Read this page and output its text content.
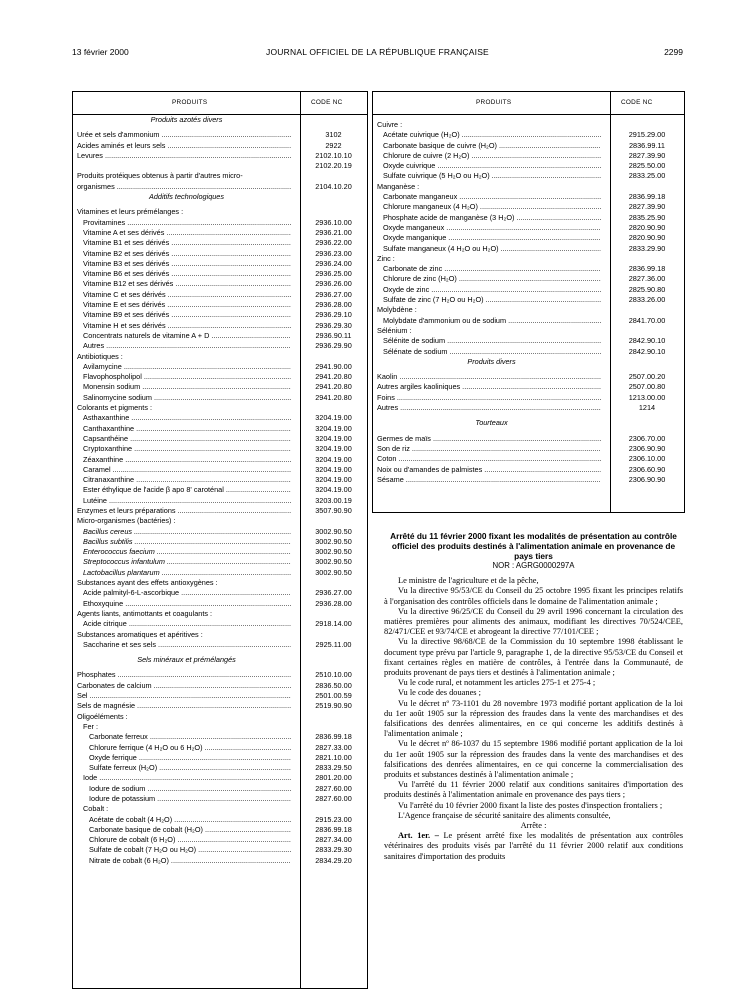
13 février 2000	JOURNAL OFFICIEL DE LA RÉPUBLIQUE FRANÇAISE	2299
PRODUITS	CODE NC
Produits azotés divers
Urée et sels d'ammonium .....	3102
Acides aminés et leurs sels .....	2922
Levures .....	2102.10.10
2102.20.19
Produits protéiques obtenus à partir d'autres micro-
organismes .....	2104.10.20
Additifs technologiques
Vitamines et leurs prémélanges :
Provitamines .....	2936.10.00
Vitamine A et ses dérivés .....	2936.21.00
Vitamine B1 et ses dérivés .....	2936.22.00
Vitamine B2 et ses dérivés .....	2936.23.00
Vitamine B3 et ses dérivés .....	2936.24.00
Vitamine B6 et ses dérivés .....	2936.25.00
Vitamine B12 et ses dérivés .....	2936.26.00
Vitamine C et ses dérivés .....	2936.27.00
Vitamine E et ses dérivés .....	2936.28.00
Vitamine B9 et ses dérivés .....	2936.29.10
Vitamine H et ses dérivés .....	2936.29.30
Concentrats naturels de vitamine A + D .....	2936.90.11
Autres .....	2936.29.90
Antibiotiques :
Avilamycine .....	2941.90.00
Flavophospholipol .....	2941.20.80
Monensin sodium .....	2941.20.80
Salinomycine sodium .....	2941.20.80
Colorants et pigments :
Asthaxanthine .....	3204.19.00
Canthaxanthine .....	3204.19.00
Capsanthéine .....	3204.19.00
Cryptoxanthine .....	3204.19.00
Zéaxanthine .....	3204.19.00
Caramel .....	3204.19.00
Citranaxanthine .....	3204.19.00
Ester éthylique de l'acide β apo 8' caroténal .....	3204.19.00
Lutéine .....	3203.00.19
Enzymes et leurs préparations .....	3507.90.90
Micro-organismes (bactéries) :
Bacillus cereus .....	3002.90.50
Bacillus subtilis .....	3002.90.50
Enterococcus faecium .....	3002.90.50
Streptococcus infantulum .....	3002.90.50
Lactobacillus plantarum .....	3002.90.50
Substances ayant des effets antioxygènes :
Acide palmityl-6-L-ascorbique .....	2936.27.00
Ethoxyquine .....	2936.28.00
Agents liants, antimottants et coagulants :
Acide citrique .....	2918.14.00
Substances aromatiques et apéritives :
Saccharine et ses sels .....	2925.11.00
Sels minéraux et prémélangés
Phosphates .....	2510.10.00
Carbonates de calcium .....	2836.50.00
Sel .....	2501.00.59
Sels de magnésie .....	2519.90.90
Oligoéléments :
Fer :
Carbonate ferreux .....	2836.99.18
Chlorure ferrique (4 H₂O ou 6 H₂O) .....	2827.33.00
Oxyde ferrique .....	2821.10.00
Sulfate ferreux (H₂O) .....	2833.29.50
Iode .....	2801.20.00
Iodure de sodium .....	2827.60.00
Iodure de potassium .....	2827.60.00
Cobalt :
Acétate de cobalt (4 H₂O) .....	2915.23.00
Carbonate basique de cobalt (H₂O) .....	2836.99.18
Chlorure de cobalt (6 H₂O) .....	2827.34.00
Sulfate de cobalt (7 H₂O ou H₂O) .....	2833.29.30
Nitrate de cobalt (6 H₂O) .....	2834.29.20
PRODUITS	CODE NC
Cuivre :
Acétate cuivrique (H₂O) .....	2915.29.00
Carbonate basique de cuivre (H₂O) .....	2836.99.11
Chlorure de cuivre (2 H₂O) .....	2827.39.90
Oxyde cuivrique .....	2825.50.00
Sulfate cuivrique (5 H₂O ou H₂O) .....	2833.25.00
Manganèse :
Carbonate manganeux .....	2836.99.18
Chlorure manganeux (4 H₂O) .....	2827.39.90
Phosphate acide de manganèse (3 H₂O) .....	2835.25.90
Oxyde manganeux .....	2820.90.90
Oxyde manganique .....	2820.90.90
Sulfate manganeux (4 H₂O ou H₂O) .....	2833.29.90
Zinc :
Carbonate de zinc .....	2836.99.18
Chlorure de zinc (H₂O) .....	2827.36.00
Oxyde de zinc .....	2825.90.80
Sulfate de zinc (7 H₂O ou H₂O) .....	2833.26.00
Molybdène :
Molybdate d'ammonium ou de sodium .....	2841.70.00
Sélénium :
Sélénite de sodium .....	2842.90.10
Sélénate de sodium .....	2842.90.10
Produits divers
Kaolin .....	2507.00.20
Autres argiles kaoliniques .....	2507.00.80
Foins .....	1213.00.00
Autres .....	1214
Tourteaux
Germes de maïs .....	2306.70.00
Son de riz .....	2306.90.90
Coton .....	2306.10.00
Noix ou d'amandes de palmistes .....	2306.60.90
Sésame .....	2306.90.90
Arrêté du 11 février 2000 fixant les modalités de présentation au contrôle officiel des produits destinés à l'alimentation animale en provenance de pays tiers
NOR : AGRG0000297A

Le ministre de l'agriculture et de la pêche,

Vu la directive 95/53/CE du Conseil du 25 octobre 1995 fixant les principes relatifs à l'organisation des contrôles officiels dans le domaine de l'alimentation animale ;

Vu la directive 96/25/CE du Conseil du 29 avril 1996 concernant la circulation des matières premières pour aliments des animaux, modifiant les directives 70/524/CEE, 82/471/CEE et 93/74/CE et abrogeant la directive 77/101/CEE ;

Vu la directive 98/68/CE de la Commission du 10 septembre 1998 établissant le document type prévu par l'article 9, paragraphe 1, de la directive 95/53/CE du Conseil et fixant certaines règles en matière de contrôles, à l'entrée dans la Communauté, de produits provenant de pays tiers et destinés à l'alimentation animale ;

Vu le code rural, et notamment les articles 275-1 et 275-4 ;

Vu le code des douanes ;

Vu le décret nº 73-1101 du 28 novembre 1973 modifié portant application de la loi du 1er août 1905 sur la répression des fraudes dans la vente des marchandises et des falsifications des denrées alimentaires, en ce qui concerne les additifs destinés à l'alimentation animale ;

Vu le décret nº 86-1037 du 15 septembre 1986 modifié portant application de la loi du 1er août 1905 sur la répression des fraudes dans la vente des marchandises et des falsifications des denrées alimentaires, en ce qui concerne la commercialisation des produits et substances destinés à l'alimentation animale ;

Vu l'arrêté du 11 février 2000 relatif aux conditions sanitaires d'importation des produits destinés à l'alimentation animale en provenance des pays tiers ;

Vu l'arrêté du 10 février 2000 fixant la liste des postes d'inspection frontaliers ;

L'Agence française de sécurité sanitaire des aliments consultée,

Arrête :

Art. 1er. – Le présent arrêté fixe les modalités de présentation aux contrôles vétérinaires des produits visés par l'arrêté du 11 février 2000 relatif aux conditions sanitaires d'importation des produits
